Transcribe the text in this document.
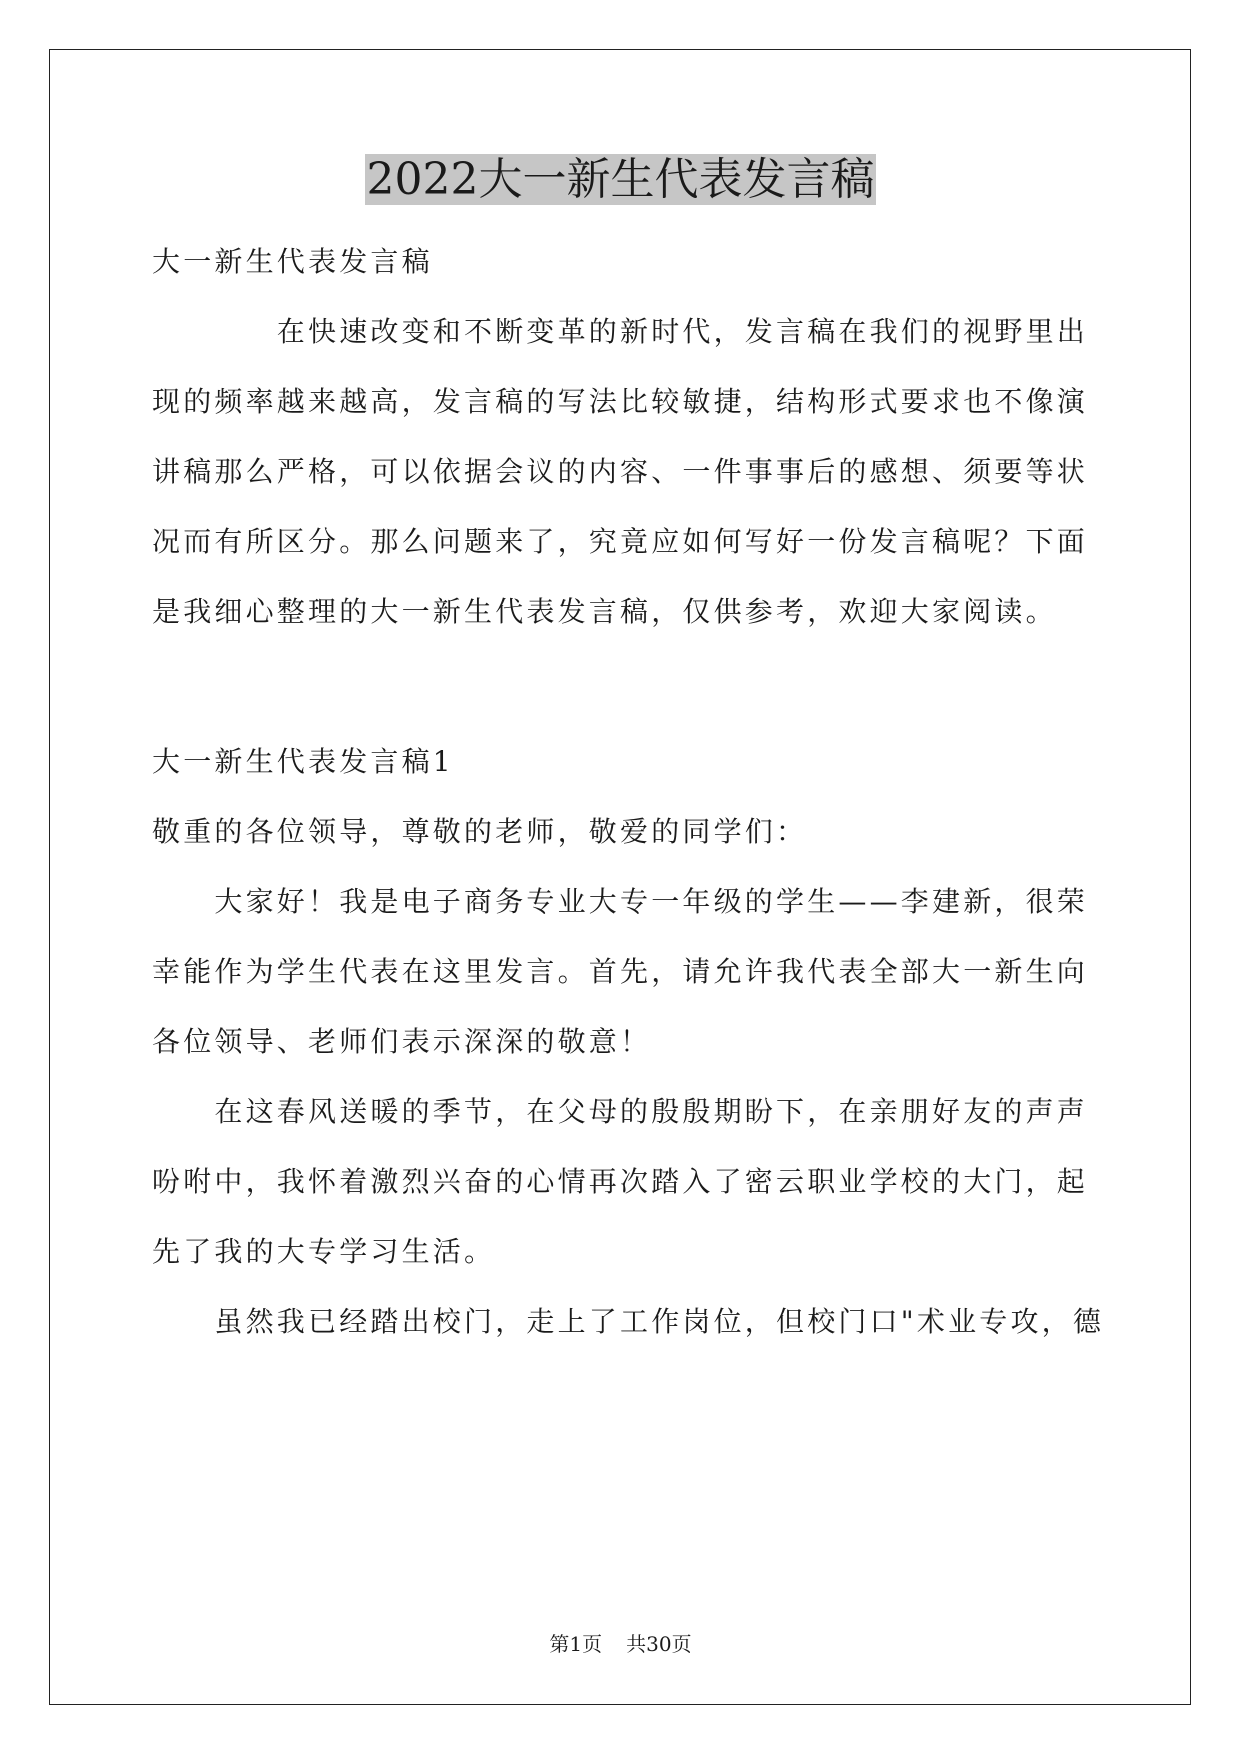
2022大一新生代表发言稿
大一新生代表发言稿
　　　　在快速改变和不断变革的新时代，发言稿在我们的视野里出
现的频率越来越高，发言稿的写法比较敏捷，结构形式要求也不像演
讲稿那么严格，可以依据会议的内容、一件事事后的感想、须要等状
况而有所区分。那么问题来了，究竟应如何写好一份发言稿呢？下面
是我细心整理的大一新生代表发言稿，仅供参考，欢迎大家阅读。
大一新生代表发言稿1
敬重的各位领导，尊敬的老师，敬爱的同学们：
　　大家好！我是电子商务专业大专一年级的学生——李建新，很荣
幸能作为学生代表在这里发言。首先，请允许我代表全部大一新生向
各位领导、老师们表示深深的敬意！
　　在这春风送暖的季节，在父母的殷殷期盼下，在亲朋好友的声声
吩咐中，我怀着激烈兴奋的心情再次踏入了密云职业学校的大门，起
先了我的大专学习生活。
　　虽然我已经踏出校门，走上了工作岗位，但校门口"术业专攻，德
第1页 共30页
